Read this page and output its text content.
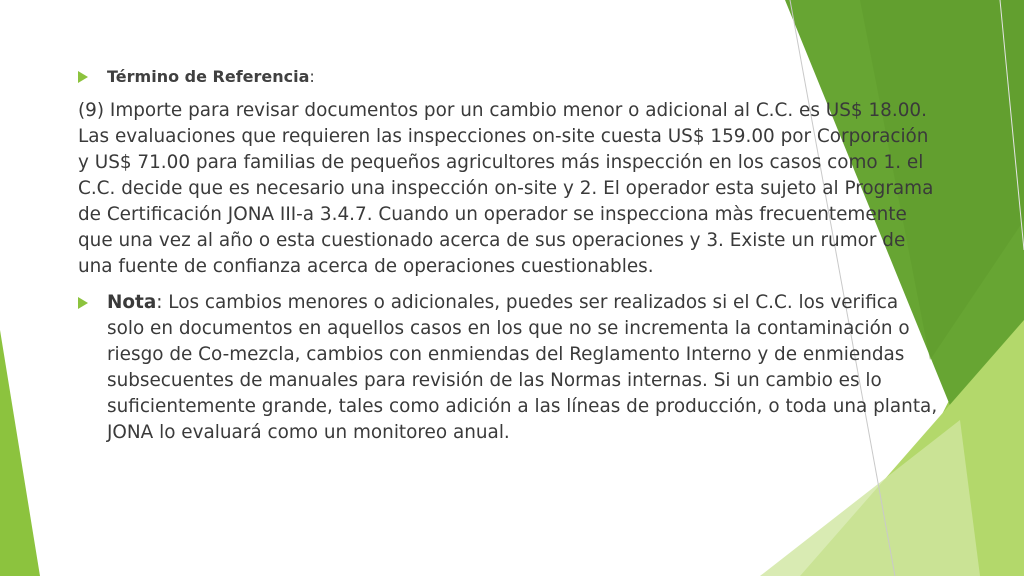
Término de Referencia:

(9) Importe para revisar documentos por un cambio menor o adicional al C.C. es US$ 18.00. Las evaluaciones que requieren las inspecciones on-site cuesta US$ 159.00 por Corporación y US$ 71.00 para familias de pequeños agricultores más inspección en los casos como 1. el C.C. decide que es necesario una inspección on-site y 2. El operador esta sujeto al Programa de Certificación JONA III-a 3.4.7. Cuando un operador se inspecciona màs frecuentemente que una vez al año o esta cuestionado acerca de sus operaciones y 3. Existe un rumor de una fuente de confianza acerca de operaciones cuestionables.

Nota: Los cambios menores o adicionales, puedes ser realizados si el C.C. los verifica solo en documentos en aquellos casos en los que no se incrementa la contaminación o riesgo de Co-mezcla, cambios con enmiendas del Reglamento Interno y de enmiendas subsecuentes de manuales para revisión de las Normas internas. Si un cambio es lo suficientemente grande, tales como adición a las líneas de producción, o toda una planta, JONA lo evaluará como un monitoreo anual.
